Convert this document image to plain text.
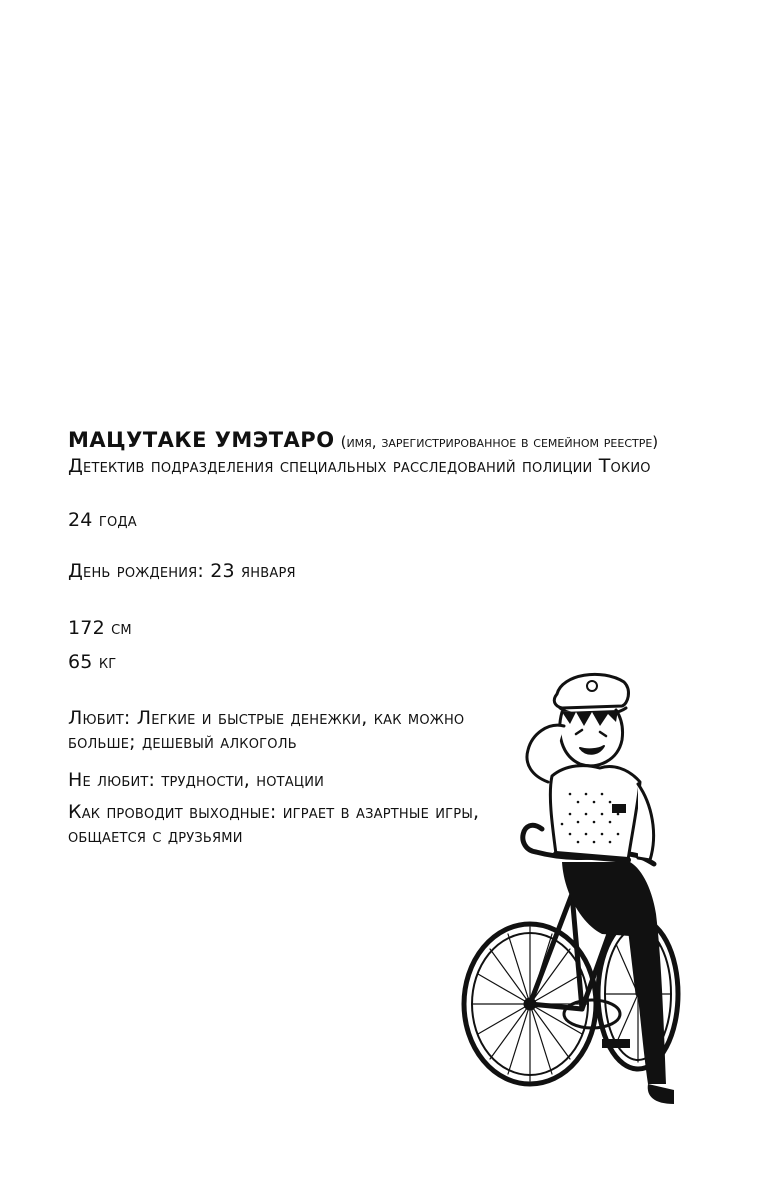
МАЦУТАКЕ УМЭТАРО (имя, зарегистрированное в семейном реестре)
Детектив подразделения специальных расследований полиции Токио
24 года
День рождения: 23 января
172 см
65 кг
Любит: Легкие и быстрые денежки, как можно
больше; дешевый алкоголь
Не любит: трудности, нотации
Как проводит выходные: играет в азартные игры,
общается с друзьями
